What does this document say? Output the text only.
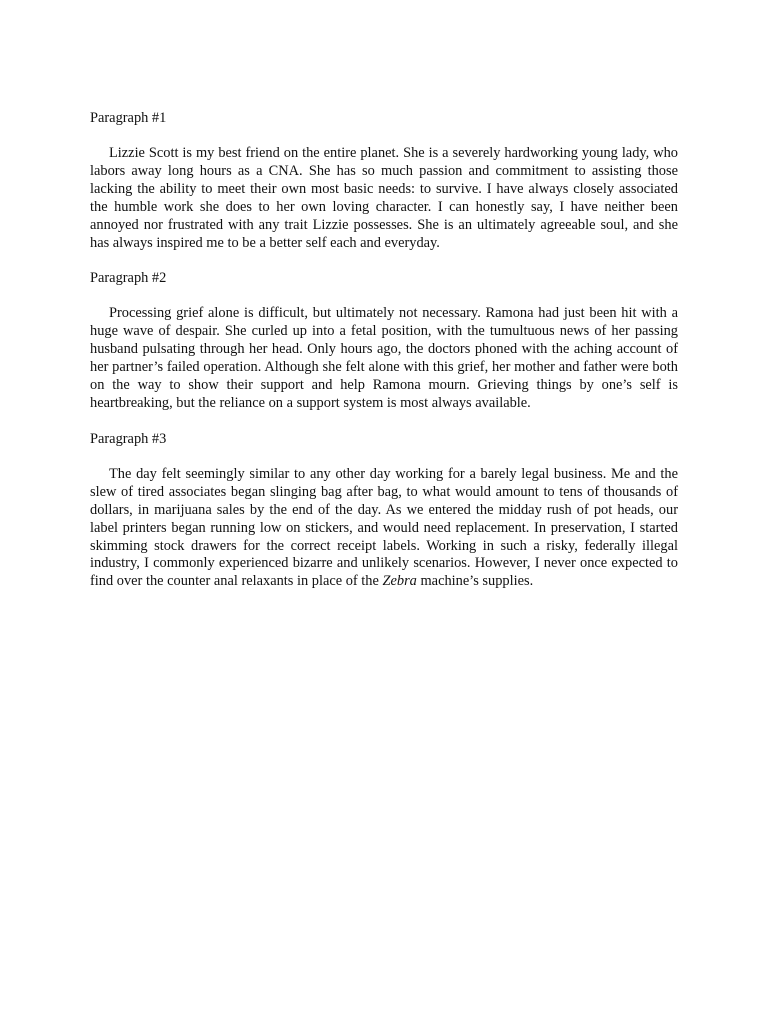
Paragraph #1

Lizzie Scott is my best friend on the entire planet. She is a severely hardworking young lady, who labors away long hours as a CNA. She has so much passion and commitment to assisting those lacking the ability to meet their own most basic needs: to survive. I have always closely associated the humble work she does to her own loving character. I can honestly say, I have neither been annoyed nor frustrated with any trait Lizzie possesses. She is an ultimately agreeable soul, and she has always inspired me to be a better self each and everyday.

Paragraph #2

Processing grief alone is difficult, but ultimately not necessary. Ramona had just been hit with a huge wave of despair. She curled up into a fetal position, with the tumultuous news of her passing husband pulsating through her head. Only hours ago, the doctors phoned with the aching account of her partner’s failed operation. Although she felt alone with this grief, her mother and father were both on the way to show their support and help Ramona mourn. Grieving things by one’s self is heartbreaking, but the reliance on a support system is most always available.

Paragraph #3

The day felt seemingly similar to any other day working for a barely legal business. Me and the slew of tired associates began slinging bag after bag, to what would amount to tens of thousands of dollars, in marijuana sales by the end of the day. As we entered the midday rush of pot heads, our label printers began running low on stickers, and would need replacement. In preservation, I started skimming stock drawers for the correct receipt labels. Working in such a risky, federally illegal industry, I commonly experienced bizarre and unlikely scenarios. However, I never once expected to find over the counter anal relaxants in place of the Zebra machine’s supplies.
